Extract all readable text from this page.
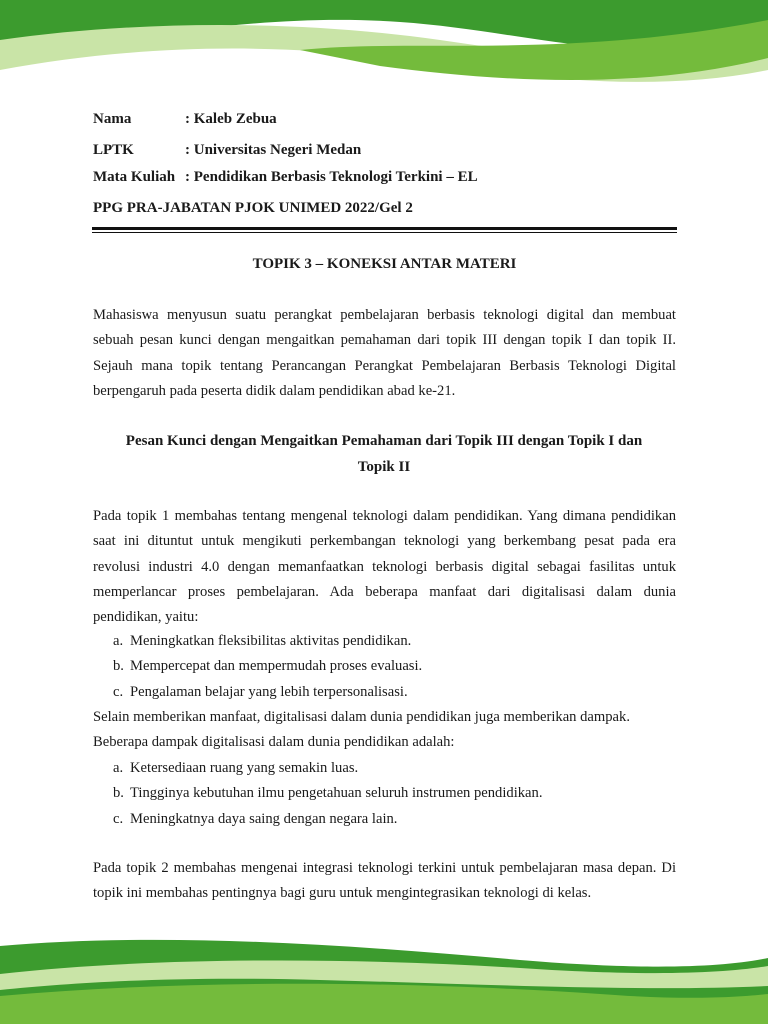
Nama	: Kaleb Zebua
LPTK	: Universitas Negeri Medan
Mata Kuliah : Pendidikan Berbasis Teknologi Terkini – EL
PPG PRA-JABATAN PJOK UNIMED 2022/Gel 2
TOPIK 3 – KONEKSI ANTAR MATERI
Mahasiswa menyusun suatu perangkat pembelajaran berbasis teknologi digital dan membuat sebuah pesan kunci dengan mengaitkan pemahaman dari topik III dengan topik I dan topik II. Sejauh mana topik tentang Perancangan Perangkat Pembelajaran Berbasis Teknologi Digital berpengaruh pada peserta didik dalam pendidikan abad ke-21.
Pesan Kunci dengan Mengaitkan Pemahaman dari Topik III dengan Topik I dan
Topik II
Pada topik 1 membahas tentang mengenal teknologi dalam pendidikan. Yang dimana pendidikan saat ini dituntut untuk mengikuti perkembangan teknologi yang berkembang pesat pada era revolusi industri 4.0 dengan memanfaatkan teknologi berbasis digital sebagai fasilitas untuk memperlancar proses pembelajaran. Ada beberapa manfaat dari digitalisasi dalam dunia pendidikan, yaitu:
a. Meningkatkan fleksibilitas aktivitas pendidikan.
b. Mempercepat dan mempermudah proses evaluasi.
c. Pengalaman belajar yang lebih terpersonalisasi.
Selain memberikan manfaat, digitalisasi dalam dunia pendidikan juga memberikan dampak.
Beberapa dampak digitalisasi dalam dunia pendidikan adalah:
a. Ketersediaan ruang yang semakin luas.
b. Tingginya kebutuhan ilmu pengetahuan seluruh instrumen pendidikan.
c. Meningkatnya daya saing dengan negara lain.
Pada topik 2 membahas mengenai integrasi teknologi terkini untuk pembelajaran masa depan. Di topik ini membahas pentingnya bagi guru untuk mengintegrasikan teknologi di kelas.
